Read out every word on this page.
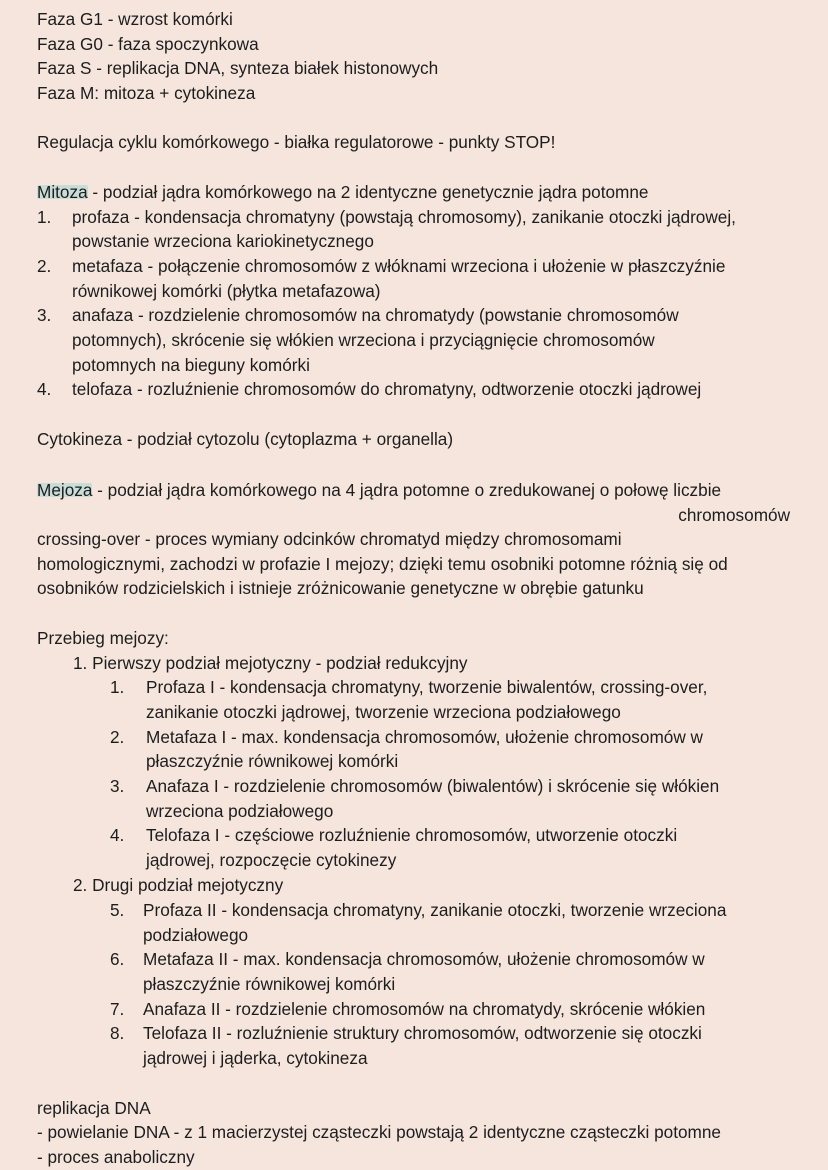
Faza G1 - wzrost komórki
Faza G0 - faza spoczynkowa
Faza S - replikacja DNA, synteza białek histonowych
Faza M: mitoza + cytokineza
Regulacja cyklu komórkowego - białka regulatorowe - punkty STOP!
Mitoza - podział jądra komórkowego na 2 identyczne genetycznie jądra potomne
1. profaza - kondensacja chromatyny (powstają chromosomy), zanikanie otoczki jądrowej,
powstanie wrzeciona kariokinetycznego
2. metafaza - połączenie chromosomów z włóknami wrzeciona i ułożenie w płaszczyźnie
równikowej komórki (płytka metafazowa)
3. anafaza - rozdzielenie chromosomów na chromatydy (powstanie chromosomów
potomnych), skrócenie się włókien wrzeciona i przyciągnięcie chromosomów
potomnych na bieguny komórki
4. telofaza - rozluźnienie chromosomów do chromatyny, odtworzenie otoczki jądrowej
Cytokineza - podział cytozolu (cytoplazma + organella)
Mejoza - podział jądra komórkowego na 4 jądra potomne o zredukowanej o połowę liczbie
chromosomów
crossing-over - proces wymiany odcinków chromatyd między chromosomami
homologicznymi, zachodzi w profazie I mejozy; dzięki temu osobniki potomne różnią się od
osobników rodzicielskich i istnieje zróżnicowanie genetyczne w obrębie gatunku
Przebieg mejozy:
1. Pierwszy podział mejotyczny - podział redukcyjny
1. Profaza I - kondensacja chromatyny, tworzenie biwalentów, crossing-over,
zanikanie otoczki jądrowej, tworzenie wrzeciona podziałowego
2. Metafaza I - max. kondensacja chromosomów, ułożenie chromosomów w
płaszczyźnie równikowej komórki
3. Anafaza I - rozdzielenie chromosomów (biwalentów) i skrócenie się włókien
wrzeciona podziałowego
4. Telofaza I - częściowe rozluźnienie chromosomów, utworzenie otoczki
jądrowej, rozpoczęcie cytokinezy
2. Drugi podział mejotyczny
5. Profaza II - kondensacja chromatyny, zanikanie otoczki, tworzenie wrzeciona
podziałowego
6. Metafaza II - max. kondensacja chromosomów, ułożenie chromosomów w
płaszczyźnie równikowej komórki
7. Anafaza II - rozdzielenie chromosomów na chromatydy, skrócenie włókien
8. Telofaza II - rozluźnienie struktury chromosomów, odtworzenie się otoczki
jądrowej i jąderka, cytokineza
replikacja DNA
- powielanie DNA - z 1 macierzystej cząsteczki powstają 2 identyczne cząsteczki potomne
- proces anaboliczny
